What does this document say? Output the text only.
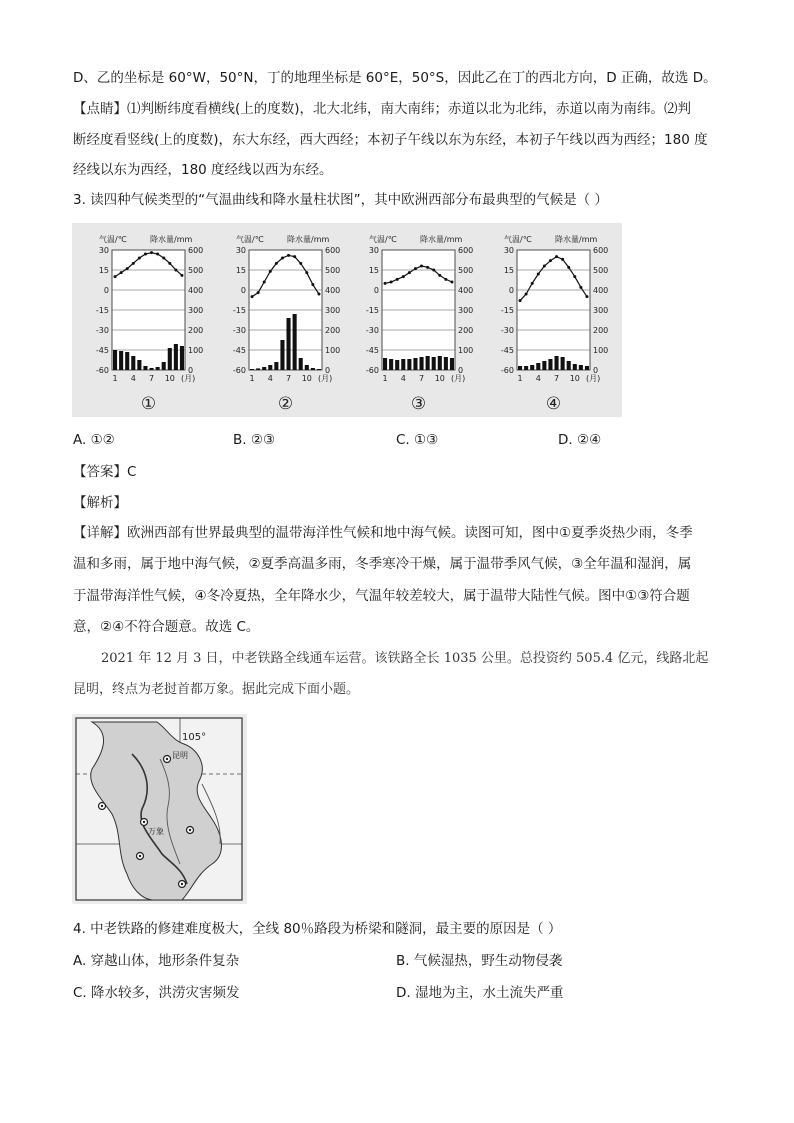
D、乙的坐标是 60°W，50°N，丁的地理坐标是 60°E，50°S，因此乙在丁的西北方向，D 正确，故选 D。
【点睛】⑴判断纬度看横线(上的度数)，北大北纬，南大南纬；赤道以北为北纬，赤道以南为南纬。⑵判
断经度看竖线(上的度数)，东大东经，西大西经；本初子午线以东为东经，本初子午线以西为西经；180 度
经线以东为西经，180 度经线以西为东经。
3. 读四种气候类型的“气温曲线和降水量柱状图”，其中欧洲西部分布最典型的气候是（ ）
30	600
15	500
0	400
-15	300
-30	200
-45	100
-60	0
气温/℃	降水量/mm
1 4 7 10 (月)
①
30	600
15	500
0	400
-15	300
-30	200
-45	100
-60	0
气温/℃	降水量/mm
1 4 7 10 (月)
②
30	600
15	500
0	400
-15	300
-30	200
-45	100
-60	0
气温/℃	降水量/mm
1 4 7 10 (月)
③
30	600
15	500
0	400
-15	300
-30	200
-45	100
-60	0
气温/℃	降水量/mm
1 4 7 10 (月)
④
A. ①②	B. ②③	C. ①③	D. ②④
【答案】C
【解析】
【详解】欧洲西部有世界最典型的温带海洋性气候和地中海气候。读图可知，图中①夏季炎热少雨，冬季
温和多雨，属于地中海气候，②夏季高温多雨，冬季寒冷干燥，属于温带季风气候，③全年温和湿润，属
于温带海洋性气候，④冬冷夏热，全年降水少，气温年较差较大，属于温带大陆性气候。图中①③符合题
意，②④不符合题意。故选 C。
2021 年 12 月 3 日，中老铁路全线通车运营。该铁路全长 1035 公里。总投资约 505.4 亿元，线路北起
昆明，终点为老挝首都万象。据此完成下面小题。
105°
昆明
万象
4. 中老铁路的修建难度极大，全线 80％路段为桥梁和隧洞，最主要的原因是（ ）
A. 穿越山体，地形条件复杂	B. 气候湿热，野生动物侵袭
C. 降水较多，洪涝灾害频发	D. 湿地为主，水土流失严重
